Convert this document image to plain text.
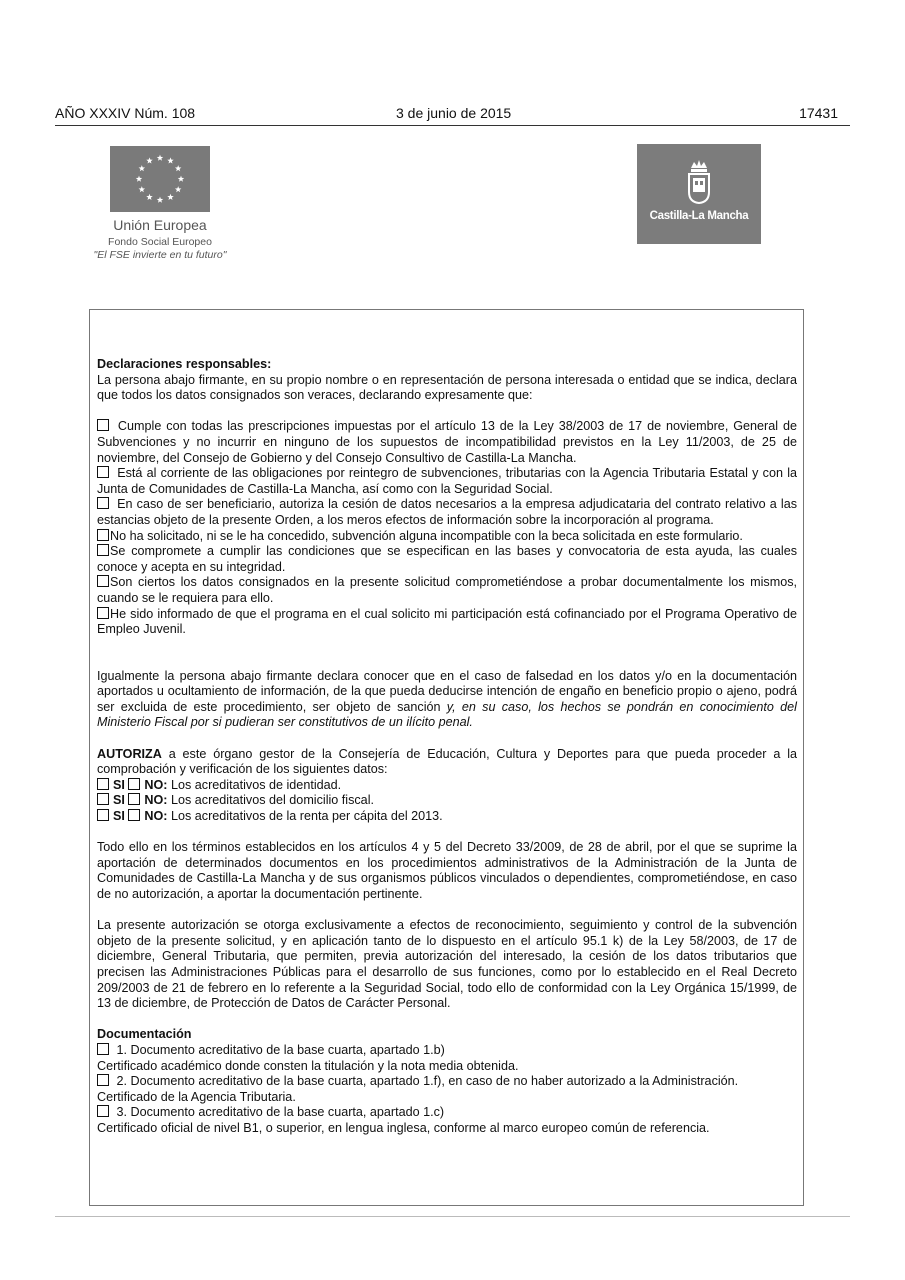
AÑO XXXIV Núm. 108	3 de junio de 2015	17431
Unión Europea
Fondo Social Europeo
"El FSE invierte en tu futuro"
Castilla-La Mancha

Declaraciones responsables:

La persona abajo firmante, en su propio nombre o en representación de persona interesada o entidad que se indica, declara que todos los datos consignados son veraces, declarando expresamente que:

Cumple con todas las prescripciones impuestas por el artículo 13 de la Ley 38/2003 de 17 de noviembre, General de Subvenciones y no incurrir en ninguno de los supuestos de incompatibilidad previstos en la Ley 11/2003, de 25 de noviembre, del Consejo de Gobierno y del Consejo Consultivo de Castilla-La Mancha.

Está al corriente de las obligaciones por reintegro de subvenciones, tributarias con la Agencia Tributaria Estatal y con la Junta de Comunidades de Castilla-La Mancha, así como con la Seguridad Social.

En caso de ser beneficiario, autoriza la cesión de datos necesarios a la empresa adjudicataria del contrato relativo a las estancias objeto de la presente Orden, a los meros efectos de información sobre la incorporación al programa.

No ha solicitado, ni se le ha concedido, subvención alguna incompatible con la beca solicitada en este formulario.

Se compromete a cumplir las condiciones que se especifican en las bases y convocatoria de esta ayuda, las cuales conoce y acepta en su integridad.

Son ciertos los datos consignados en la presente solicitud comprometiéndose a probar documentalmente los mismos, cuando se le requiera para ello.

He sido informado de que el programa en el cual solicito mi participación está cofinanciado por el Programa Operativo de Empleo Juvenil.

Igualmente la persona abajo firmante declara conocer que en el caso de falsedad en los datos y/o en la documentación aportados u ocultamiento de información, de la que pueda deducirse intención de engaño en beneficio propio o ajeno, podrá ser excluida de este procedimiento, ser objeto de sanción y, en su caso, los hechos se pondrán en conocimiento del Ministerio Fiscal por si pudieran ser constitutivos de un ilícito penal.

AUTORIZA a este órgano gestor de la Consejería de Educación, Cultura y Deportes para que pueda proceder a la comprobación y verificación de los siguientes datos:

SI NO: Los acreditativos de identidad.

SI NO: Los acreditativos del domicilio fiscal.

SI NO: Los acreditativos de la renta per cápita del 2013.

Todo ello en los términos establecidos en los artículos 4 y 5 del Decreto 33/2009, de 28 de abril, por el que se suprime la aportación de determinados documentos en los procedimientos administrativos de la Administración de la Junta de Comunidades de Castilla-La Mancha y de sus organismos públicos vinculados o dependientes, comprometiéndose, en caso de no autorización, a aportar la documentación pertinente.

La presente autorización se otorga exclusivamente a efectos de reconocimiento, seguimiento y control de la subvención objeto de la presente solicitud, y en aplicación tanto de lo dispuesto en el artículo 95.1 k) de la Ley 58/2003, de 17 de diciembre, General Tributaria, que permiten, previa autorización del interesado, la cesión de los datos tributarios que precisen las Administraciones Públicas para el desarrollo de sus funciones, como por lo establecido en el Real Decreto 209/2003 de 21 de febrero en lo referente a la Seguridad Social, todo ello de conformidad con la Ley Orgánica 15/1999, de 13 de diciembre, de Protección de Datos de Carácter Personal.

Documentación

1. Documento acreditativo de la base cuarta, apartado 1.b)

Certificado académico donde consten la titulación y la nota media obtenida.

2. Documento acreditativo de la base cuarta, apartado 1.f), en caso de no haber autorizado a la Administración.

Certificado de la Agencia Tributaria.

3. Documento acreditativo de la base cuarta, apartado 1.c)

Certificado oficial de nivel B1, o superior, en lengua inglesa, conforme al marco europeo común de referencia.
